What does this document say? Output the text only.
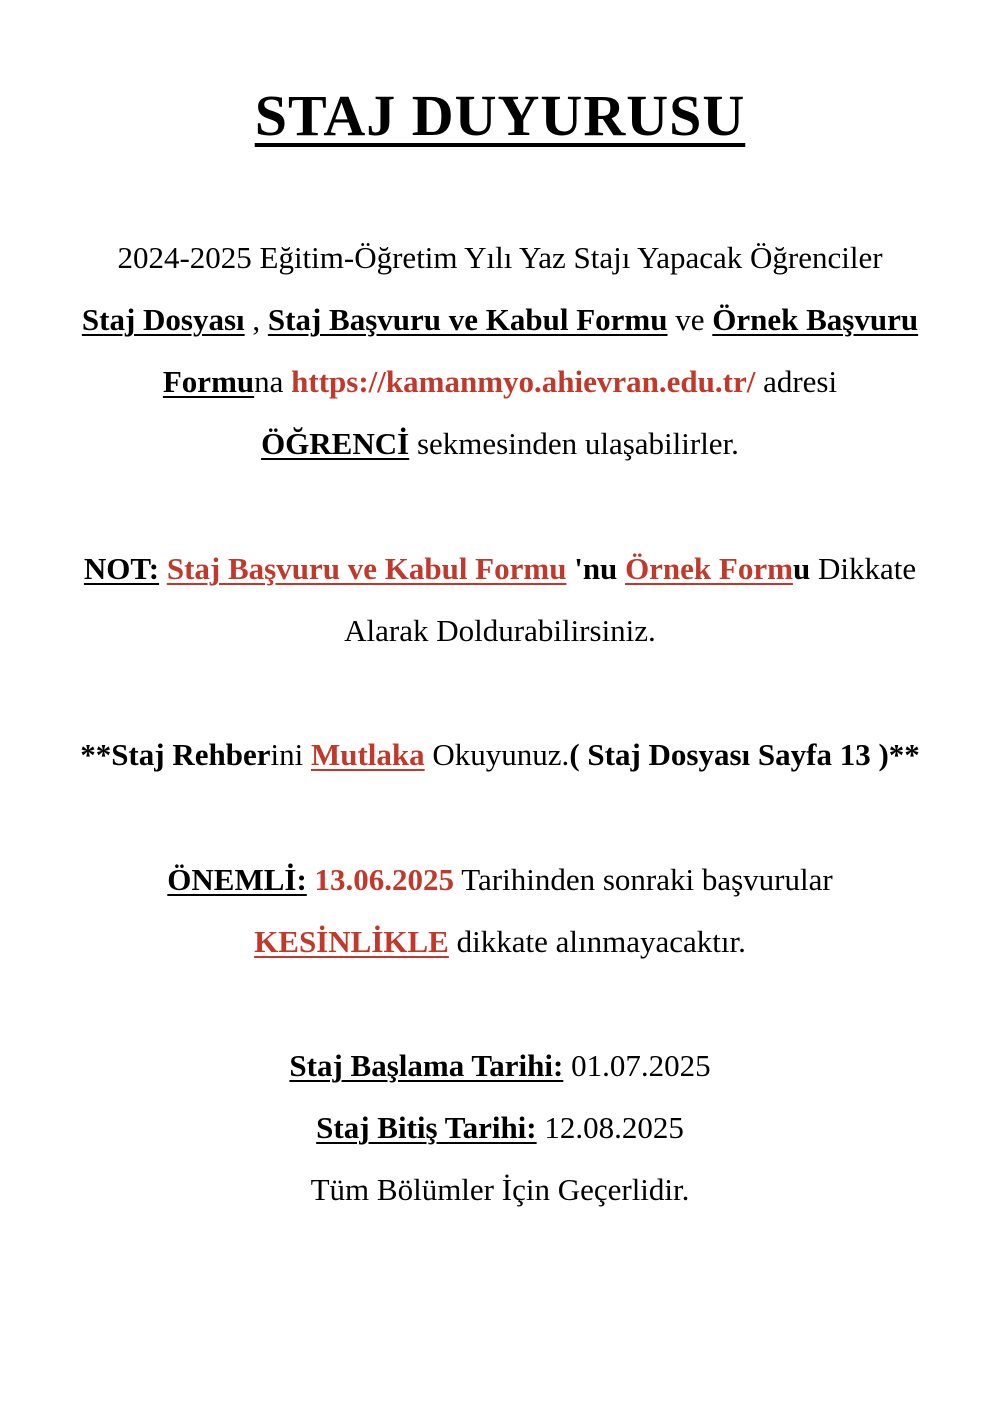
STAJ DUYURUSU
2024-2025 Eğitim-Öğretim Yılı Yaz Stajı Yapacak Öğrenciler
Staj Dosyası , Staj Başvuru ve Kabul Formu ve Örnek Başvuru
Formuna https://kamanmyo.ahievran.edu.tr/ adresi
ÖĞRENCİ sekmesinden ulaşabilirler.
NOT: Staj Başvuru ve Kabul Formu 'nu Örnek Formu Dikkate
Alarak Doldurabilirsiniz.
**Staj Rehberini Mutlaka Okuyunuz.( Staj Dosyası Sayfa 13 )**
ÖNEMLİ: 13.06.2025 Tarihinden sonraki başvurular
KESİNLİKLE dikkate alınmayacaktır.
Staj Başlama Tarihi: 01.07.2025
Staj Bitiş Tarihi: 12.08.2025
Tüm Bölümler İçin Geçerlidir.
